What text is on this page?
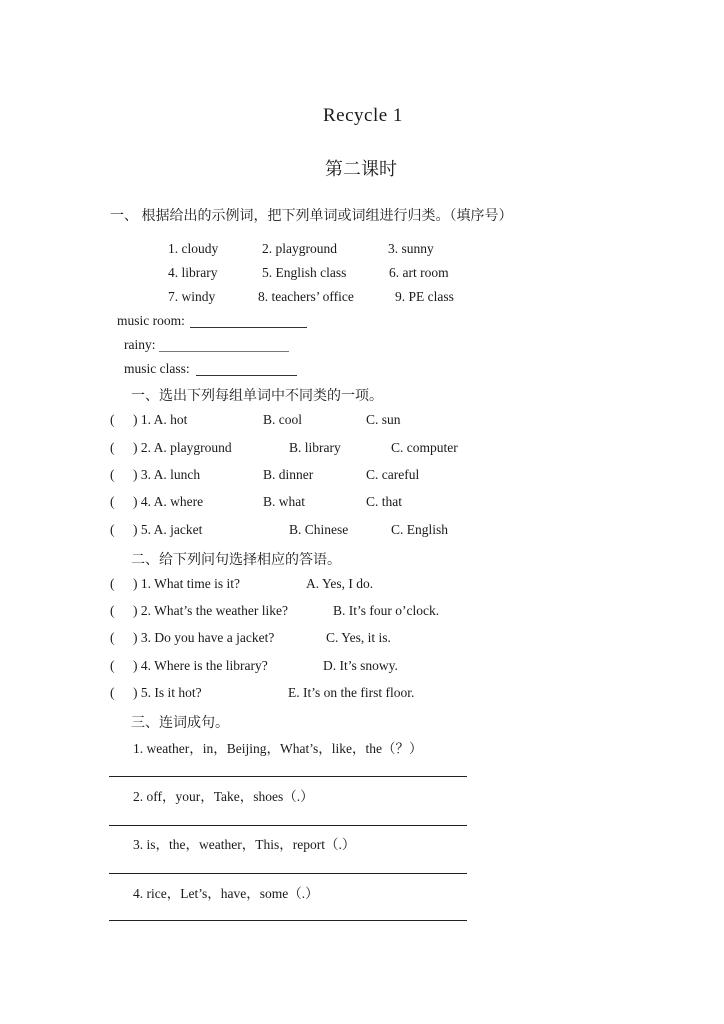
Recycle 1
第二课时
一、 根据给出的示例词，把下列单词或词组进行归类。（填序号）
1. cloudy	2. playground	3. sunny
4. library	5. English class	6. art room
7. windy	8. teachers’ office	9. PE class
music room:
rainy:
music class:
一、选出下列每组单词中不同类的一项。
( ) 1. A. hot	B. cool	C. sun
( ) 2. A. playground	B. library	C. computer
( ) 3. A. lunch	B. dinner	C. careful
( ) 4. A. where	B. what	C. that
( ) 5. A. jacket	B. Chinese	C. English
二、给下列问句选择相应的答语。
( ) 1. What time is it?	A. Yes, I do.
( ) 2. What’s the weather like?	B. It’s four o’clock.
( ) 3. Do you have a jacket?	C. Yes, it is.
( ) 4. Where is the library?	D. It’s snowy.
( ) 5. Is it hot?	E. It’s on the first floor.
三、连词成句。
1. weather，in，Beijing，What’s，like，the（？）
2. off，your，Take，shoes（.）
3. is，the，weather，This，report（.）
4. rice，Let’s，have，some（.）
